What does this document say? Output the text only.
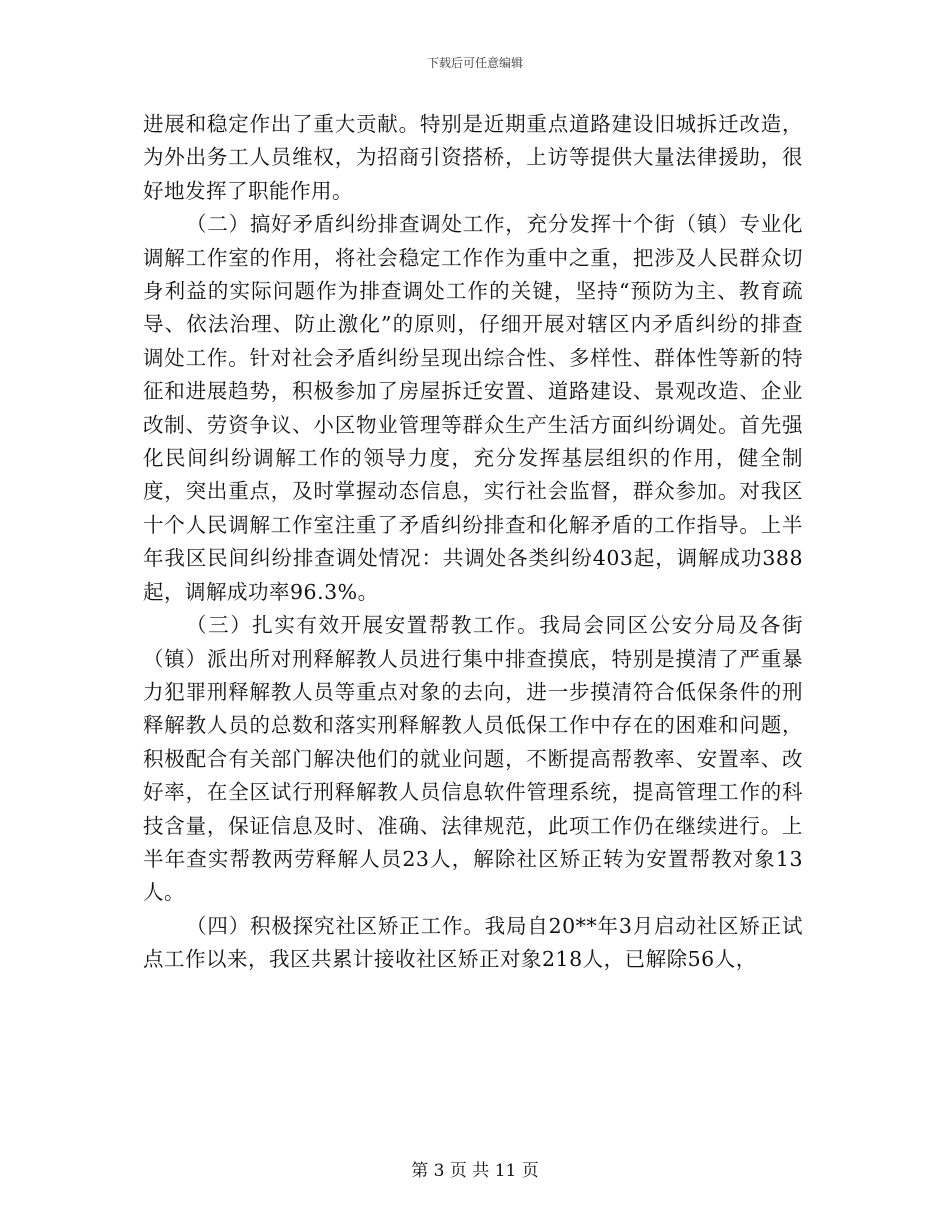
下载后可任意编辑

进展和稳定作出了重大贡献。特别是近期重点道路建设旧城拆迁改造，为外出务工人员维权，为招商引资搭桥，上访等提供大量法律援助，很好地发挥了职能作用。

（二）搞好矛盾纠纷排查调处工作，充分发挥十个街（镇）专业化调解工作室的作用，将社会稳定工作作为重中之重，把涉及人民群众切身利益的实际问题作为排查调处工作的关键，坚持“预防为主、教育疏导、依法治理、防止激化”的原则，仔细开展对辖区内矛盾纠纷的排查调处工作。针对社会矛盾纠纷呈现出综合性、多样性、群体性等新的特征和进展趋势，积极参加了房屋拆迁安置、道路建设、景观改造、企业改制、劳资争议、小区物业管理等群众生产生活方面纠纷调处。首先强化民间纠纷调解工作的领导力度，充分发挥基层组织的作用，健全制度，突出重点，及时掌握动态信息，实行社会监督，群众参加。对我区十个人民调解工作室注重了矛盾纠纷排查和化解矛盾的工作指导。上半年我区民间纠纷排查调处情况：共调处各类纠纷403起，调解成功388起，调解成功率96.3%。

（三）扎实有效开展安置帮教工作。我局会同区公安分局及各街（镇）派出所对刑释解教人员进行集中排查摸底，特别是摸清了严重暴力犯罪刑释解教人员等重点对象的去向，进一步摸清符合低保条件的刑释解教人员的总数和落实刑释解教人员低保工作中存在的困难和问题，积极配合有关部门解决他们的就业问题，不断提高帮教率、安置率、改好率，在全区试行刑释解教人员信息软件管理系统，提高管理工作的科技含量，保证信息及时、准确、法律规范，此项工作仍在继续进行。上半年查实帮教两劳释解人员23人，解除社区矫正转为安置帮教对象13人。

（四）积极探究社区矫正工作。我局自20**年3月启动社区矫正试点工作以来，我区共累计接收社区矫正对象218人，已解除56人，

第 3 页 共 11 页
